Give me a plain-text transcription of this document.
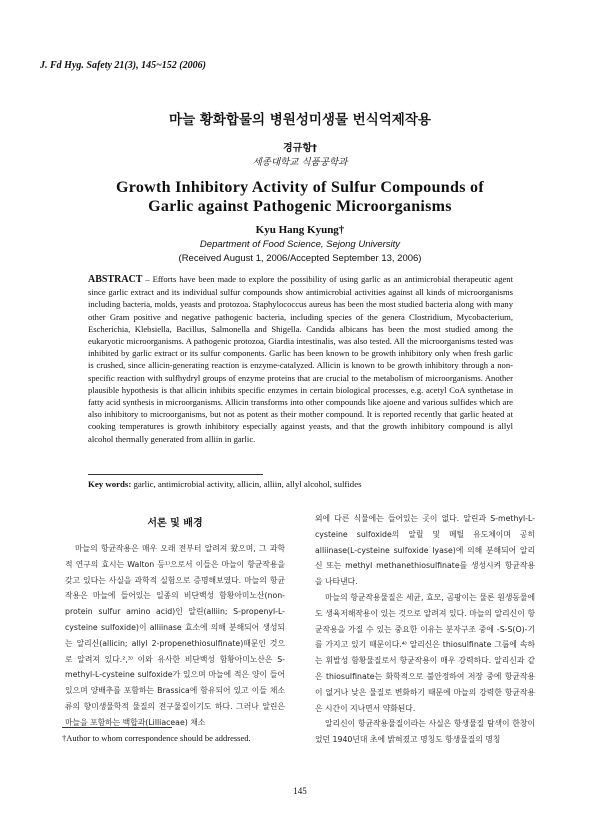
J. Fd Hyg. Safety 21(3), 145~152 (2006)
마늘 황화합물의 병원성미생물 번식억제작용
경규항†
세종대학교 식품공학과
Growth Inhibitory Activity of Sulfur Compounds of
Garlic against Pathogenic Microorganisms
Kyu Hang Kyung†
Department of Food Science, Sejong University
(Received August 1, 2006/Accepted September 13, 2006)
ABSTRACT – Efforts have been made to explore the possibility of using garlic as an antimicrobial therapeutic agent since garlic extract and its individual sulfur compounds show antimicrobial activities against all kinds of microorganisms including bacteria, molds, yeasts and protozoa. Staphylococcus aureus has been the most studied bacteria along with many other Gram positive and negative pathogenic bacteria, including species of the genera Clostridium, Mycobacterium, Escherichia, Klebsiella, Bacillus, Salmonella and Shigella. Candida albicans has been the most studied among the eukaryotic microorganisms. A pathogenic protozoa, Giardia intestinalis, was also tested. All the microorganisms tested was inhibited by garlic extract or its sulfur components. Garlic has been known to be growth inhibitory only when fresh garlic is crushed, since allicin-generating reaction is enzyme-catalyzed. Allicin is known to be growth inhibitory through a non-specific reaction with sulfhydryl groups of enzyme proteins that are crucial to the metabolism of microorganisms. Another plausible hypothesis is that allicin inhibits specific enzymes in certain biological processes, e.g. acetyl CoA synthetase in fatty acid synthesis in microorganisms. Allicin transforms into other compounds like ajoene and various sulfides which are also inhibitory to microorganisms, but not as potent as their mother compound. It is reported recently that garlic heated at cooking temperatures is growth inhibitory especially against yeasts, and that the growth inhibitory compound is allyl alcohol thermally generated from alliin in garlic.
Key words: garlic, antimicrobial activity, allicin, alliin, allyl alcohol, sulfides
서론 및 배경

마늘의 항균작용은 매우 오래 전부터 알려져 왔으며, 그 과학적 연구의 효시는 Walton 등¹⁾으로서 이들은 마늘이 항균작용을 갖고 있다는 사실을 과학적 실험으로 증명해보였다. 마늘의 항균작용은 마늘에 들어있는 일종의 비단백성 함황아미노산(non-protein sulfur amino acid)인 알린(alliin; S-propenyl-L-cysteine sulfoxide)이 alliinase 효소에 의해 분해되어 생성되는 알리신(allicin; allyl 2-propenethiosulfinate)때문인 것으로 알려져 있다.²,³⁾ 이와 유사한 비단백성 함황아미노산은 S-methyl-L-cysteine sulfoxide가 있으며 마늘에 적은 양이 들어있으며 양배추를 포함하는 Brassica에 함유되어 있고 이들 채소류의 향미생물학적 물질의 전구물질이기도 하다. 그러나 알린은 마늘을 포함하는 백합과(Lilliaceae) 채소

외에 다른 식물에는 들어있는 곳이 없다. 알린과 S-methyl-L-cysteine sulfoxide의 알릴 및 메틸 유도체이며 공히 alliinase(L-cysteine sulfoxide lyase)에 의해 분해되어 알리신 또는 methyl methanethiosulfinate를 생성시켜 항균작용을 나타낸다.

마늘의 항균작용물질은 세균, 효모, 곰팡이는 물론 원생동물에도 생육저해작용이 있는 것으로 알려져 있다. 마늘의 알리신이 항균작용을 가질 수 있는 중요한 이유는 분자구조 중에 -S-S(O)-기를 가지고 있기 때문이다.⁴⁾ 알리신은 thiosulfinate 그룹에 속하는 휘발성 함황물질로서 항균작용이 매우 강력하다. 알리신과 같은 thiosulfinate는 화학적으로 불안정하여 저장 중에 항균작용이 없거나 낮은 물질로 변화하기 때문에 마늘의 강력한 항균작용은 시간이 지나면서 약화된다.

알리신이 항균작용물질이라는 사실은 항생물질 탐색이 한창이었던 1940년대 초에 밝혀졌고 명칭도 항생물질의 명칭

†Author to whom correspondence should be addressed.
145
